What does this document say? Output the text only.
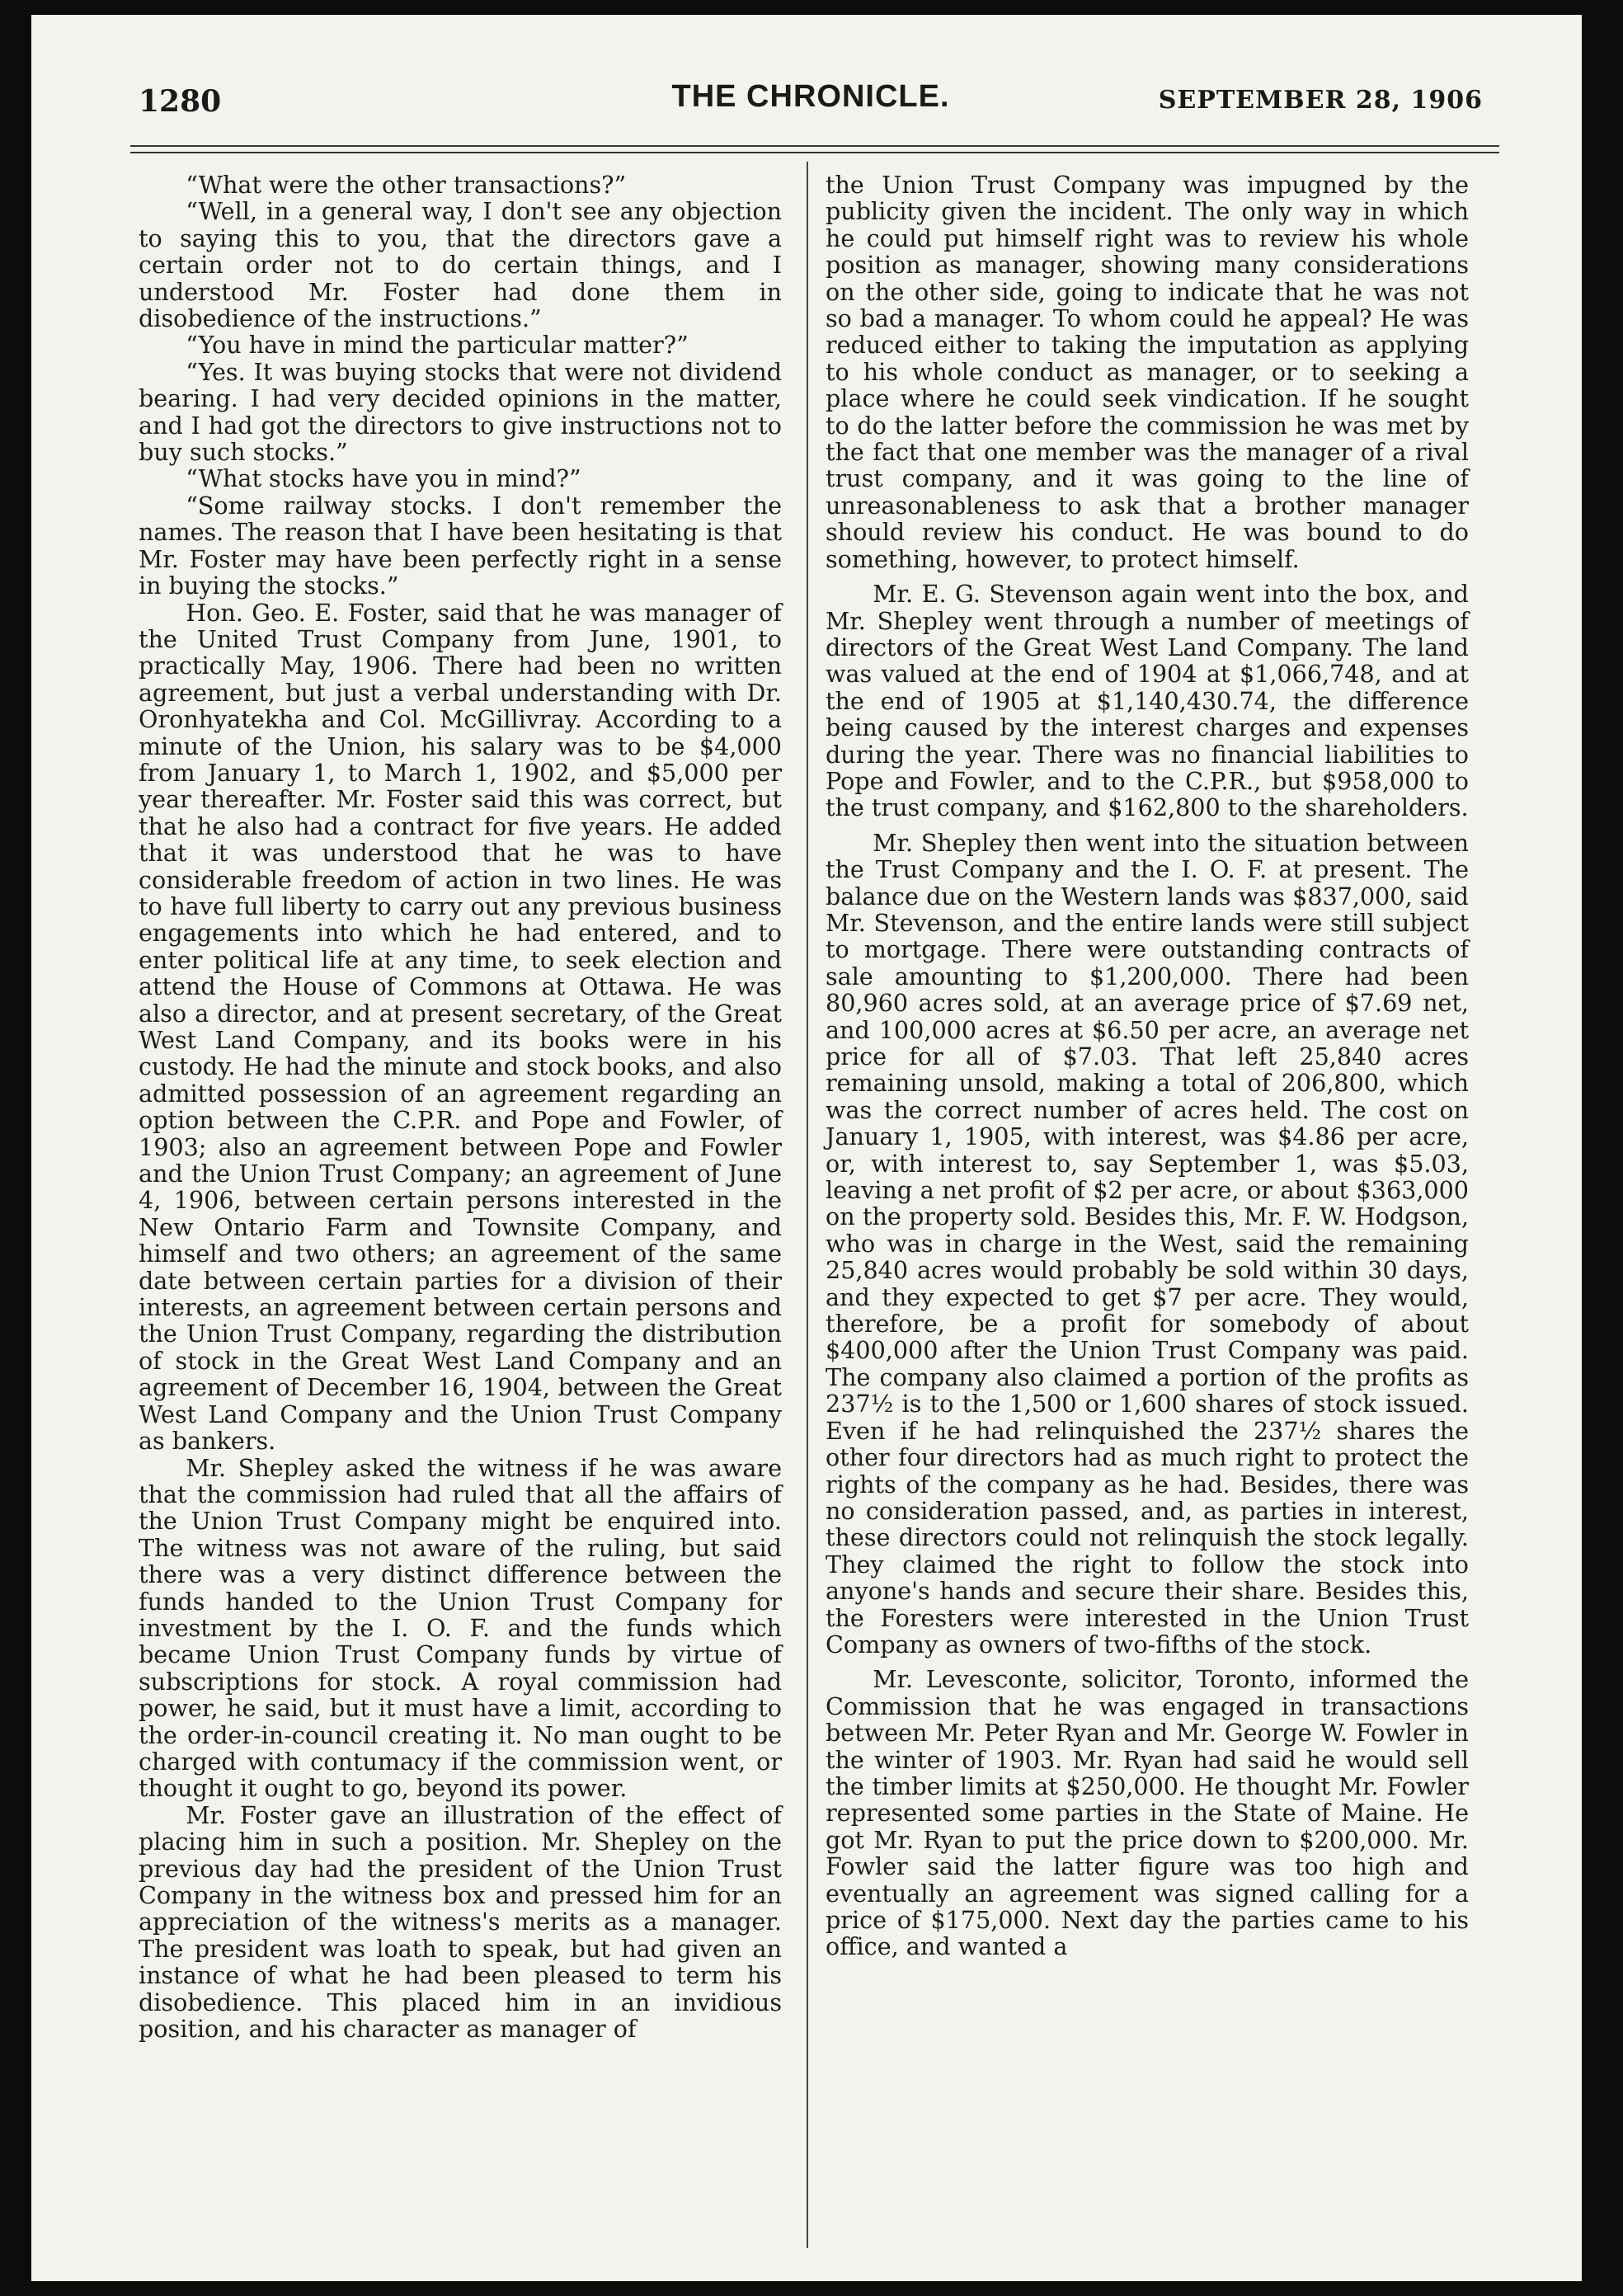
1280	THE CHRONICLE.	SEPTEMBER 28, 1906

“What were the other transactions?”

“Well, in a general way, I don't see any objection to saying this to you, that the directors gave a certain order not to do certain things, and I understood Mr. Foster had done them in disobedience of the instructions.”

“You have in mind the particular matter?”

“Yes. It was buying stocks that were not dividend bearing. I had very decided opinions in the matter, and I had got the directors to give instructions not to buy such stocks.”

“What stocks have you in mind?”

“Some railway stocks. I don't remember the names. The reason that I have been hesitating is that Mr. Foster may have been perfectly right in a sense in buying the stocks.”

Hon. Geo. E. Foster, said that he was manager of the United Trust Company from June, 1901, to practically May, 1906. There had been no written agreement, but just a verbal understanding with Dr. Oronhyatekha and Col. McGillivray. According to a minute of the Union, his salary was to be $4,000 from January 1, to March 1, 1902, and $5,000 per year thereafter. Mr. Foster said this was correct, but that he also had a contract for five years. He added that it was understood that he was to have considerable freedom of action in two lines. He was to have full liberty to carry out any previous business engagements into which he had entered, and to enter political life at any time, to seek election and attend the House of Commons at Ottawa. He was also a director, and at present secretary, of the Great West Land Company, and its books were in his custody. He had the minute and stock books, and also admitted possession of an agreement regarding an option between the C.P.R. and Pope and Fowler, of 1903; also an agreement between Pope and Fowler and the Union Trust Company; an agreement of June 4, 1906, between certain persons interested in the New Ontario Farm and Townsite Company, and himself and two others; an agreement of the same date between certain parties for a division of their interests, an agreement between certain persons and the Union Trust Company, regarding the distribution of stock in the Great West Land Company and an agreement of December 16, 1904, between the Great West Land Company and the Union Trust Company as bankers.

Mr. Shepley asked the witness if he was aware that the commission had ruled that all the affairs of the Union Trust Company might be enquired into. The witness was not aware of the ruling, but said there was a very distinct difference between the funds handed to the Union Trust Company for investment by the I. O. F. and the funds which became Union Trust Company funds by virtue of subscriptions for stock. A royal commission had power, he said, but it must have a limit, according to the order-in-council creating it. No man ought to be charged with contumacy if the commission went, or thought it ought to go, beyond its power.

Mr. Foster gave an illustration of the effect of placing him in such a position. Mr. Shepley on the previous day had the president of the Union Trust Company in the witness box and pressed him for an appreciation of the witness's merits as a manager. The president was loath to speak, but had given an instance of what he had been pleased to term his disobedience. This placed him in an invidious position, and his character as manager of

the Union Trust Company was impugned by the publicity given the incident. The only way in which he could put himself right was to review his whole position as manager, showing many considerations on the other side, going to indicate that he was not so bad a manager. To whom could he appeal? He was reduced either to taking the imputation as applying to his whole conduct as manager, or to seeking a place where he could seek vindication. If he sought to do the latter before the commission he was met by the fact that one member was the manager of a rival trust company, and it was going to the line of unreasonableness to ask that a brother manager should review his conduct. He was bound to do something, however, to protect himself.

Mr. E. G. Stevenson again went into the box, and Mr. Shepley went through a number of meetings of directors of the Great West Land Company. The land was valued at the end of 1904 at $1,066,748, and at the end of 1905 at $1,140,430.74, the difference being caused by the interest charges and expenses during the year. There was no financial liabilities to Pope and Fowler, and to the C.P.R., but $958,000 to the trust company, and $162,800 to the shareholders.

Mr. Shepley then went into the situation between the Trust Company and the I. O. F. at present. The balance due on the Western lands was $837,000, said Mr. Stevenson, and the entire lands were still subject to mortgage. There were outstanding contracts of sale amounting to $1,200,000. There had been 80,960 acres sold, at an average price of $7.69 net, and 100,000 acres at $6.50 per acre, an average net price for all of $7.03. That left 25,840 acres remaining unsold, making a total of 206,800, which was the correct number of acres held. The cost on January 1, 1905, with interest, was $4.86 per acre, or, with interest to, say September 1, was $5.03, leaving a net profit of $2 per acre, or about $363,000 on the property sold. Besides this, Mr. F. W. Hodgson, who was in charge in the West, said the remaining 25,840 acres would probably be sold within 30 days, and they expected to get $7 per acre. They would, therefore, be a profit for somebody of about $400,000 after the Union Trust Company was paid. The company also claimed a portion of the profits as 237½ is to the 1,500 or 1,600 shares of stock issued. Even if he had relinquished the 237½ shares the other four directors had as much right to protect the rights of the company as he had. Besides, there was no consideration passed, and, as parties in interest, these directors could not relinquish the stock legally. They claimed the right to follow the stock into anyone's hands and secure their share. Besides this, the Foresters were interested in the Union Trust Company as owners of two-fifths of the stock.

Mr. Levesconte, solicitor, Toronto, informed the Commission that he was engaged in transactions between Mr. Peter Ryan and Mr. George W. Fowler in the winter of 1903. Mr. Ryan had said he would sell the timber limits at $250,000. He thought Mr. Fowler represented some parties in the State of Maine. He got Mr. Ryan to put the price down to $200,000. Mr. Fowler said the latter figure was too high and eventually an agreement was signed calling for a price of $175,000. Next day the parties came to his office, and wanted a
